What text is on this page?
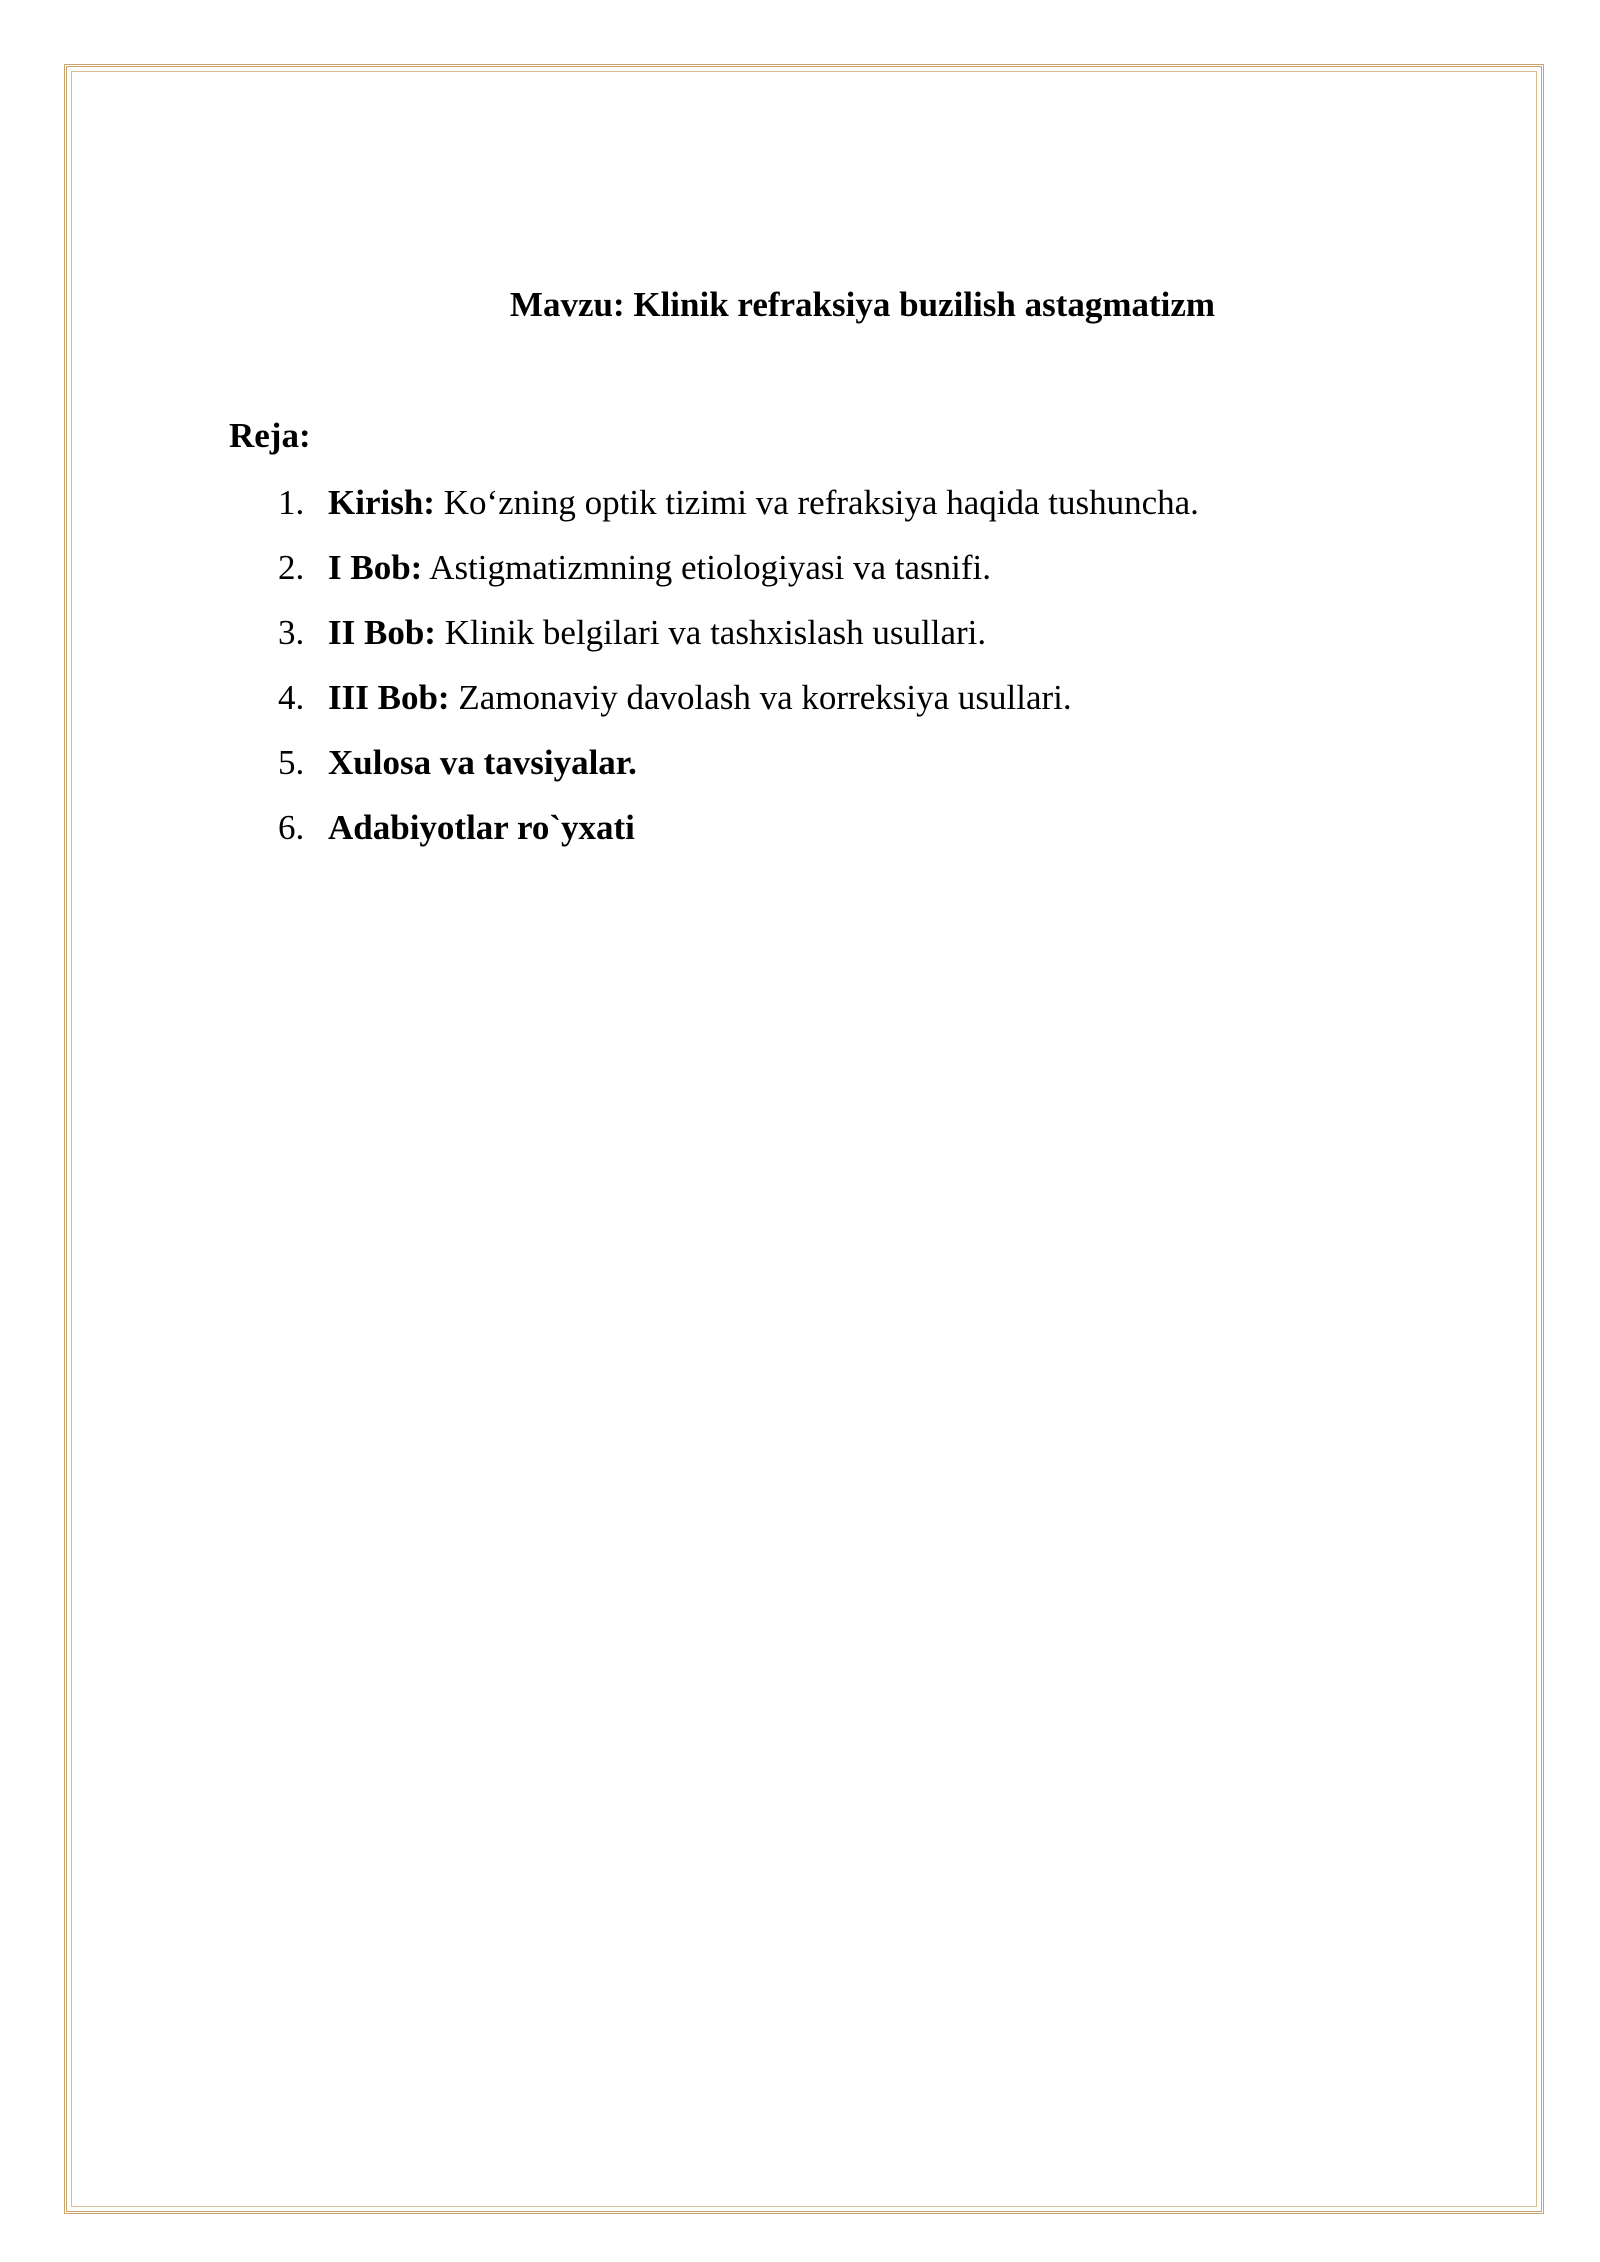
Mavzu: Klinik refraksiya buzilish astagmatizm
Reja:
1. Kirish: Ko‘zning optik tizimi va refraksiya haqida tushuncha.
2. I Bob: Astigmatizmning etiologiyasi va tasnifi.
3. II Bob: Klinik belgilari va tashxislash usullari.
4. III Bob: Zamonaviy davolash va korreksiya usullari.
5. Xulosa va tavsiyalar.
6. Adabiyotlar ro`yxati
